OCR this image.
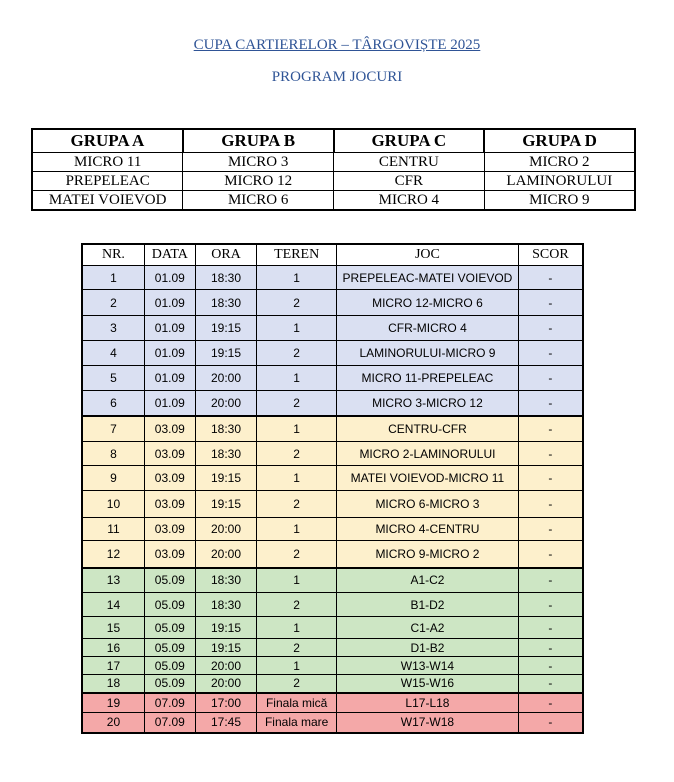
CUPA CARTIERELOR – TÂRGOVIȘTE 2025
PROGRAM JOCURI
GRUPA A	GRUPA B	GRUPA C	GRUPA D
MICRO 11	MICRO 3	CENTRU	MICRO 2
PREPELEAC	MICRO 12	CFR	LAMINORULUI
MATEI VOIEVOD	MICRO 6	MICRO 4	MICRO 9
NR.	DATA	ORA	TEREN	JOC	SCOR
1	01.09	18:30	1	PREPELEAC-MATEI VOIEVOD	-
2	01.09	18:30	2	MICRO 12-MICRO 6	-
3	01.09	19:15	1	CFR-MICRO 4	-
4	01.09	19:15	2	LAMINORULUI-MICRO 9	-
5	01.09	20:00	1	MICRO 11-PREPELEAC	-
6	01.09	20:00	2	MICRO 3-MICRO 12	-
7	03.09	18:30	1	CENTRU-CFR	-
8	03.09	18:30	2	MICRO 2-LAMINORULUI	-
9	03.09	19:15	1	MATEI VOIEVOD-MICRO 11	-
10	03.09	19:15	2	MICRO 6-MICRO 3	-
11	03.09	20:00	1	MICRO 4-CENTRU	-
12	03.09	20:00	2	MICRO 9-MICRO 2	-
13	05.09	18:30	1	A1-C2	-
14	05.09	18:30	2	B1-D2	-
15	05.09	19:15	1	C1-A2	-
16	05.09	19:15	2	D1-B2	-
17	05.09	20:00	1	W13-W14	-
18	05.09	20:00	2	W15-W16	-
19	07.09	17:00	Finala mică	L17-L18	-
20	07.09	17:45	Finala mare	W17-W18	-
